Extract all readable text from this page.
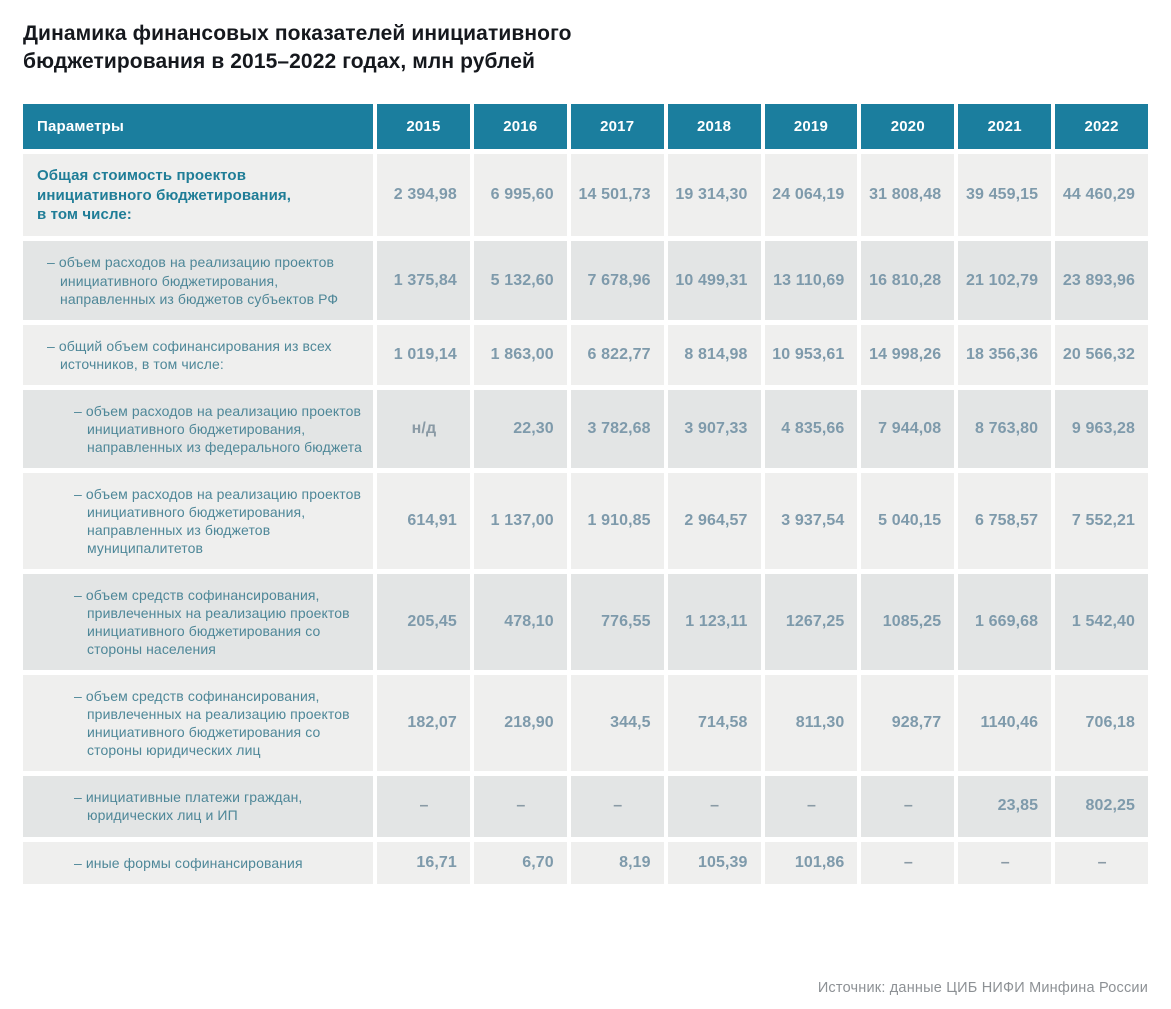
Динамика финансовых показателей инициативного бюджетирования в 2015–2022 годах, млн рублей
Параметры	2015	2016	2017	2018	2019	2020	2021	2022
Общая стоимость проектов инициативного бюджетирования, в том числе:	2 394,98	6 995,60	14 501,73	19 314,30	24 064,19	31 808,48	39 459,15	44 460,29
– объем расходов на реализацию проектов инициативного бюджетирования, направленных из бюджетов субъектов РФ	1 375,84	5 132,60	7 678,96	10 499,31	13 110,69	16 810,28	21 102,79	23 893,96
– общий объем софинансирования из всех источников, в том числе:	1 019,14	1 863,00	6 822,77	8 814,98	10 953,61	14 998,26	18 356,36	20 566,32
– объем расходов на реализацию проектов инициативного бюджетирования, направленных из федерального бюджета	н/д	22,30	3 782,68	3 907,33	4 835,66	7 944,08	8 763,80	9 963,28
– объем расходов на реализацию проектов инициативного бюджетирования, направленных из бюджетов муниципалитетов	614,91	1 137,00	1 910,85	2 964,57	3 937,54	5 040,15	6 758,57	7 552,21
– объем средств софинансирования, привлеченных на реализацию проектов инициативного бюджетирования со стороны населения	205,45	478,10	776,55	1 123,11	1267,25	1085,25	1 669,68	1 542,40
– объем средств софинансирования, привлеченных на реализацию проектов инициативного бюджетирования со стороны юридических лиц	182,07	218,90	344,5	714,58	811,30	928,77	1140,46	706,18
– инициативные платежи граждан, юридических лиц и ИП	–	–	–	–	–	–	23,85	802,25
– иные формы софинансирования	16,71	6,70	8,19	105,39	101,86	–	–	–
Источник: данные ЦИБ НИФИ Минфина России
